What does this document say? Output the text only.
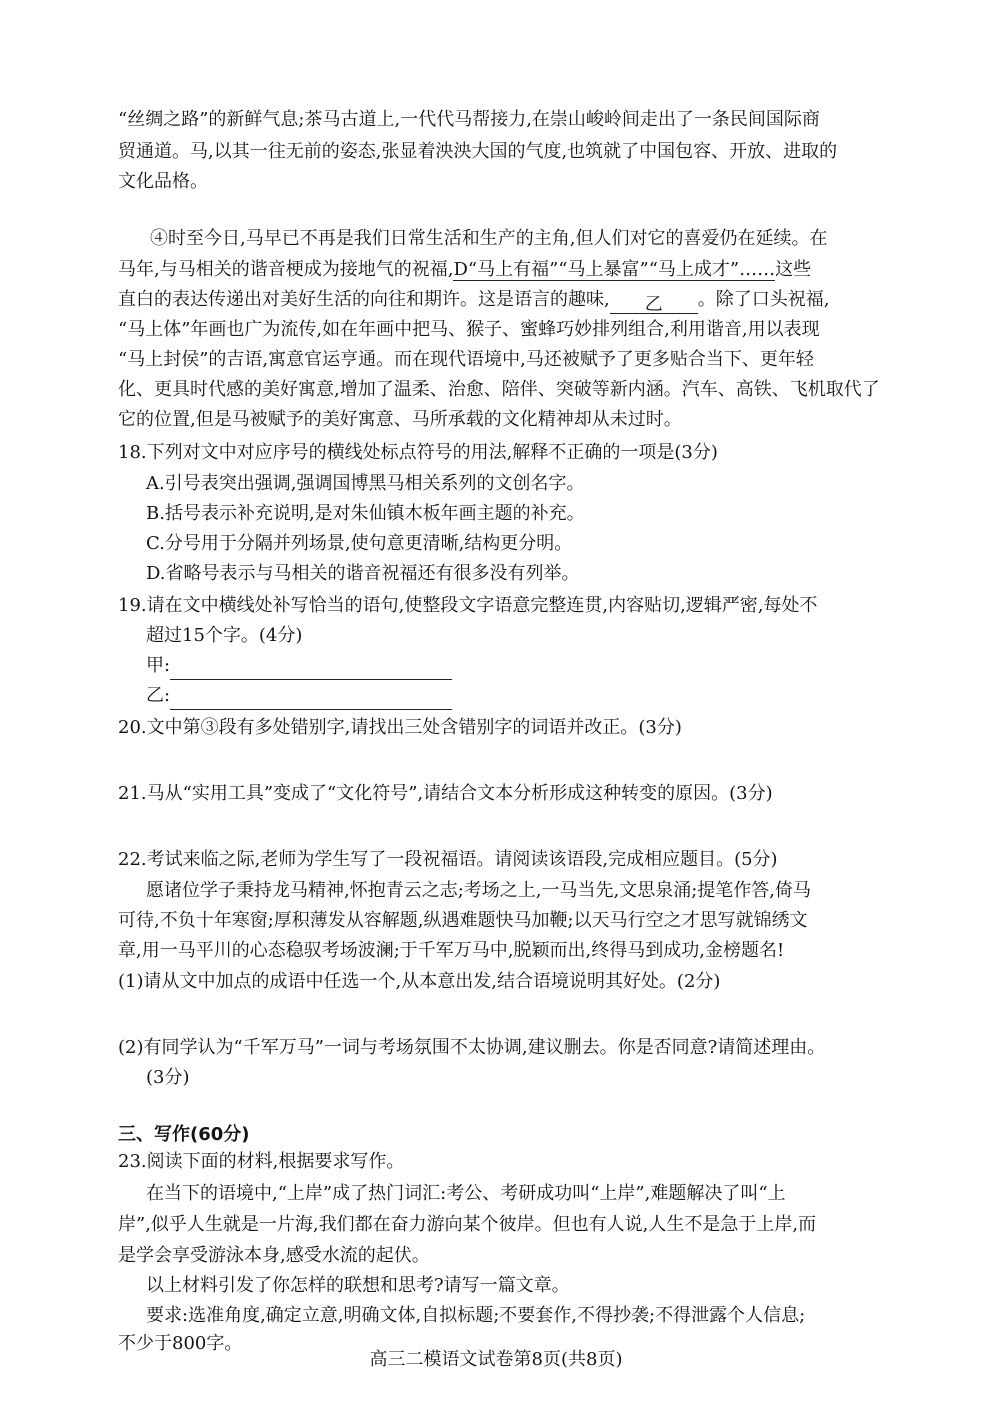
“丝绸之路”的新鲜气息;茶马古道上,一代代马帮接力,在崇山峻岭间走出了一条民间国际商
贸通道。马,以其一往无前的姿态,张显着泱泱大国的气度,也筑就了中国包容、开放、进取的
文化品格。
④时至今日,马早已不再是我们日常生活和生产的主角,但人们对它的喜爱仍在延续。在
马年,与马相关的谐音梗成为接地气的祝福,D“马上有福”“马上暴富”“马上成才”……这些
直白的表达传递出对美好生活的向往和期许。这是语言的趣味, 乙 。除了口头祝福,
“马上体”年画也广为流传,如在年画中把马、猴子、蜜蜂巧妙排列组合,利用谐音,用以表现
“马上封侯”的吉语,寓意官运亨通。而在现代语境中,马还被赋予了更多贴合当下、更年轻
化、更具时代感的美好寓意,增加了温柔、治愈、陪伴、突破等新内涵。汽车、高铁、飞机取代了
它的位置,但是马被赋予的美好寓意、马所承载的文化精神却从未过时。
18.下列对文中对应序号的横线处标点符号的用法,解释不正确的一项是(3分)
A.引号表突出强调,强调国博黑马相关系列的文创名字。
B.括号表示补充说明,是对朱仙镇木板年画主题的补充。
C.分号用于分隔并列场景,使句意更清晰,结构更分明。
D.省略号表示与马相关的谐音祝福还有很多没有列举。
19.请在文中横线处补写恰当的语句,使整段文字语意完整连贯,内容贴切,逻辑严密,每处不
超过15个字。(4分)
甲:
乙:
20.文中第③段有多处错别字,请找出三处含错别字的词语并改正。(3分)
21.马从“实用工具”变成了“文化符号”,请结合文本分析形成这种转变的原因。(3分)
22.考试来临之际,老师为学生写了一段祝福语。请阅读该语段,完成相应题目。(5分)
愿诸位学子秉持龙马精神,怀抱青云之志;考场之上,一马当先,文思泉涌;提笔作答,倚马
可待,不负十年寒窗;厚积薄发从容解题,纵遇难题快马加鞭;以天马行空之才思写就锦绣文
章,用一马平川的心态稳驭考场波澜;于千军万马中,脱颖而出,终得马到成功,金榜题名!
(1)请从文中加点的成语中任选一个,从本意出发,结合语境说明其好处。(2分)
(2)有同学认为“千军万马”一词与考场氛围不太协调,建议删去。你是否同意?请简述理由。
(3分)
三、写作(60分)
23.阅读下面的材料,根据要求写作。
在当下的语境中,“上岸”成了热门词汇:考公、考研成功叫“上岸”,难题解决了叫“上
岸”,似乎人生就是一片海,我们都在奋力游向某个彼岸。但也有人说,人生不是急于上岸,而
是学会享受游泳本身,感受水流的起伏。
以上材料引发了你怎样的联想和思考?请写一篇文章。
要求:选准角度,确定立意,明确文体,自拟标题;不要套作,不得抄袭;不得泄露个人信息;
不少于800字。
高三二模语文试卷第8页(共8页)
